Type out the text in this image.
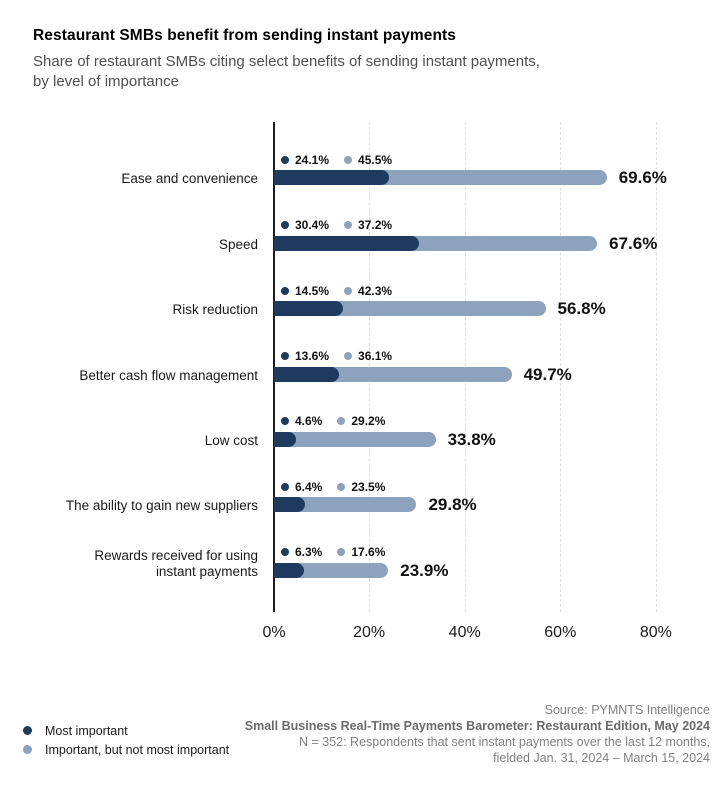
Restaurant SMBs benefit from sending instant payments
Share of restaurant SMBs citing select benefits of sending instant payments,
by level of importance
Ease and convenience
24.1% 45.5%
69.6%
Speed
30.4% 37.2%
67.6%
Risk reduction
14.5% 42.3%
56.8%
Better cash flow management
13.6% 36.1%
49.7%
Low cost
4.6% 29.2%
33.8%
The ability to gain new suppliers
6.4% 23.5%
29.8%
Rewards received for using
instant payments
6.3% 17.6%
23.9%
0%	20%	40%	60%	80%
Most important
Important, but not most important
Source: PYMNTS Intelligence
Small Business Real-Time Payments Barometer: Restaurant Edition, May 2024
N = 352: Respondents that sent instant payments over the last 12 months,
fielded Jan. 31, 2024 – March 15, 2024
